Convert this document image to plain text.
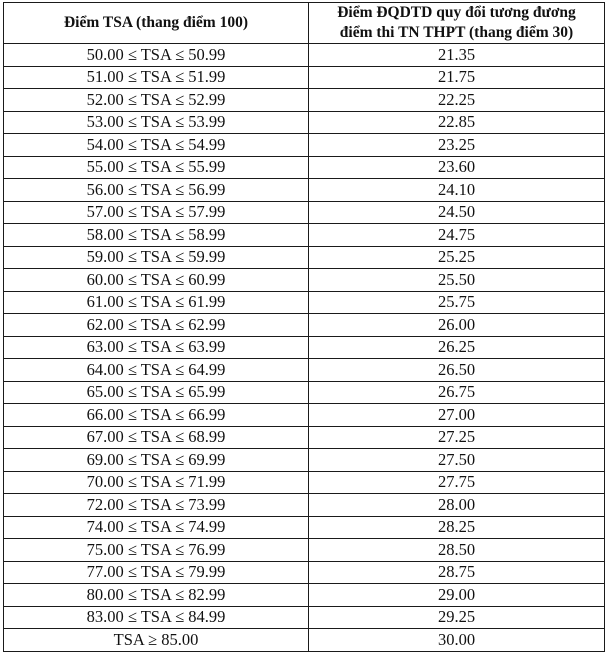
Điểm TSA (thang điểm 100)	Điểm ĐQDTD quy đổi tương đương
điểm thi TN THPT (thang điểm 30)

50.00 ≤ TSA ≤ 50.99	21.35
51.00 ≤ TSA ≤ 51.99	21.75
52.00 ≤ TSA ≤ 52.99	22.25
53.00 ≤ TSA ≤ 53.99	22.85
54.00 ≤ TSA ≤ 54.99	23.25
55.00 ≤ TSA ≤ 55.99	23.60
56.00 ≤ TSA ≤ 56.99	24.10
57.00 ≤ TSA ≤ 57.99	24.50
58.00 ≤ TSA ≤ 58.99	24.75
59.00 ≤ TSA ≤ 59.99	25.25
60.00 ≤ TSA ≤ 60.99	25.50
61.00 ≤ TSA ≤ 61.99	25.75
62.00 ≤ TSA ≤ 62.99	26.00
63.00 ≤ TSA ≤ 63.99	26.25
64.00 ≤ TSA ≤ 64.99	26.50
65.00 ≤ TSA ≤ 65.99	26.75
66.00 ≤ TSA ≤ 66.99	27.00
67.00 ≤ TSA ≤ 68.99	27.25
69.00 ≤ TSA ≤ 69.99	27.50
70.00 ≤ TSA ≤ 71.99	27.75
72.00 ≤ TSA ≤ 73.99	28.00
74.00 ≤ TSA ≤ 74.99	28.25
75.00 ≤ TSA ≤ 76.99	28.50
77.00 ≤ TSA ≤ 79.99	28.75
80.00 ≤ TSA ≤ 82.99	29.00
83.00 ≤ TSA ≤ 84.99	29.25
TSA ≥ 85.00	30.00
